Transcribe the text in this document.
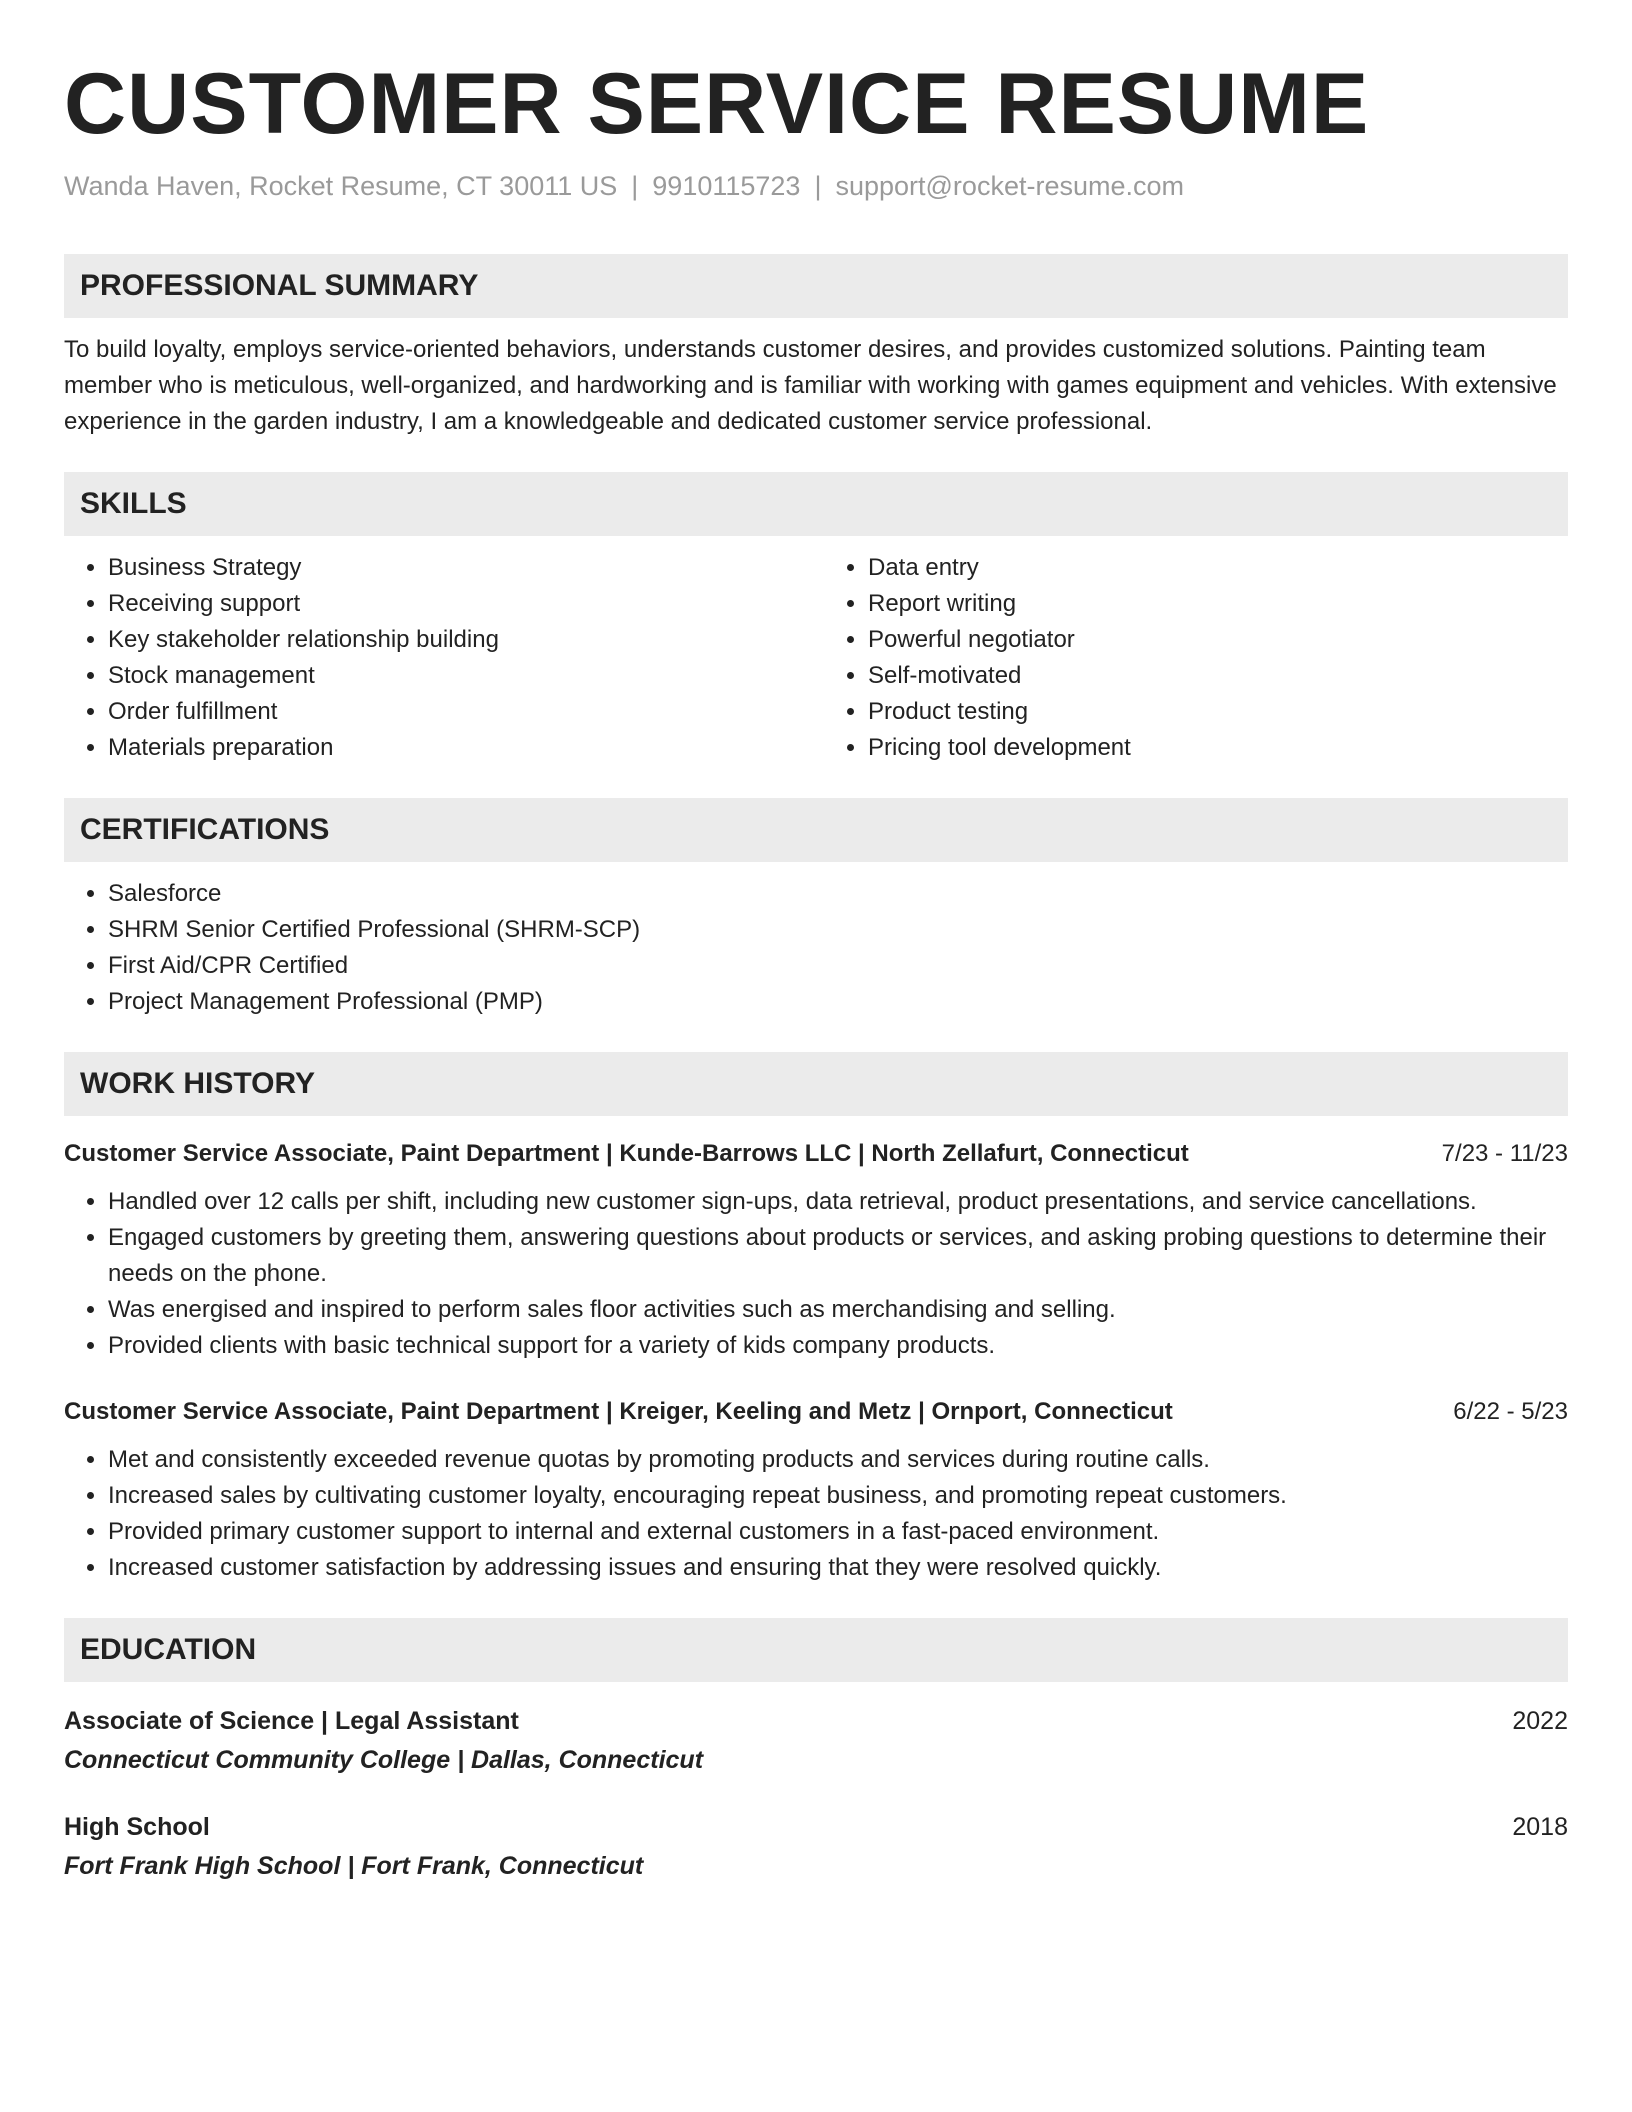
CUSTOMER SERVICE RESUME
Wanda Haven, Rocket Resume, CT 30011 US | 9910115723 | support@rocket-resume.com
PROFESSIONAL SUMMARY
To build loyalty, employs service-oriented behaviors, understands customer desires, and provides customized solutions. Painting team member who is meticulous, well-organized, and hardworking and is familiar with working with games equipment and vehicles. With extensive experience in the garden industry, I am a knowledgeable and dedicated customer service professional.
SKILLS
• Business Strategy
• Receiving support
• Key stakeholder relationship building
• Stock management
• Order fulfillment
• Materials preparation
• Data entry
• Report writing
• Powerful negotiator
• Self-motivated
• Product testing
• Pricing tool development
CERTIFICATIONS
• Salesforce
• SHRM Senior Certified Professional (SHRM-SCP)
• First Aid/CPR Certified
• Project Management Professional (PMP)
WORK HISTORY
Customer Service Associate, Paint Department | Kunde-Barrows LLC | North Zellafurt, Connecticut	7/23 - 11/23
• Handled over 12 calls per shift, including new customer sign-ups, data retrieval, product presentations, and service cancellations.
• Engaged customers by greeting them, answering questions about products or services, and asking probing questions to determine their needs on the phone.
• Was energised and inspired to perform sales floor activities such as merchandising and selling.
• Provided clients with basic technical support for a variety of kids company products.
Customer Service Associate, Paint Department | Kreiger, Keeling and Metz | Ornport, Connecticut	6/22 - 5/23
• Met and consistently exceeded revenue quotas by promoting products and services during routine calls.
• Increased sales by cultivating customer loyalty, encouraging repeat business, and promoting repeat customers.
• Provided primary customer support to internal and external customers in a fast-paced environment.
• Increased customer satisfaction by addressing issues and ensuring that they were resolved quickly.
EDUCATION
Associate of Science | Legal Assistant	2022
Connecticut Community College | Dallas, Connecticut
High School	2018
Fort Frank High School | Fort Frank, Connecticut
